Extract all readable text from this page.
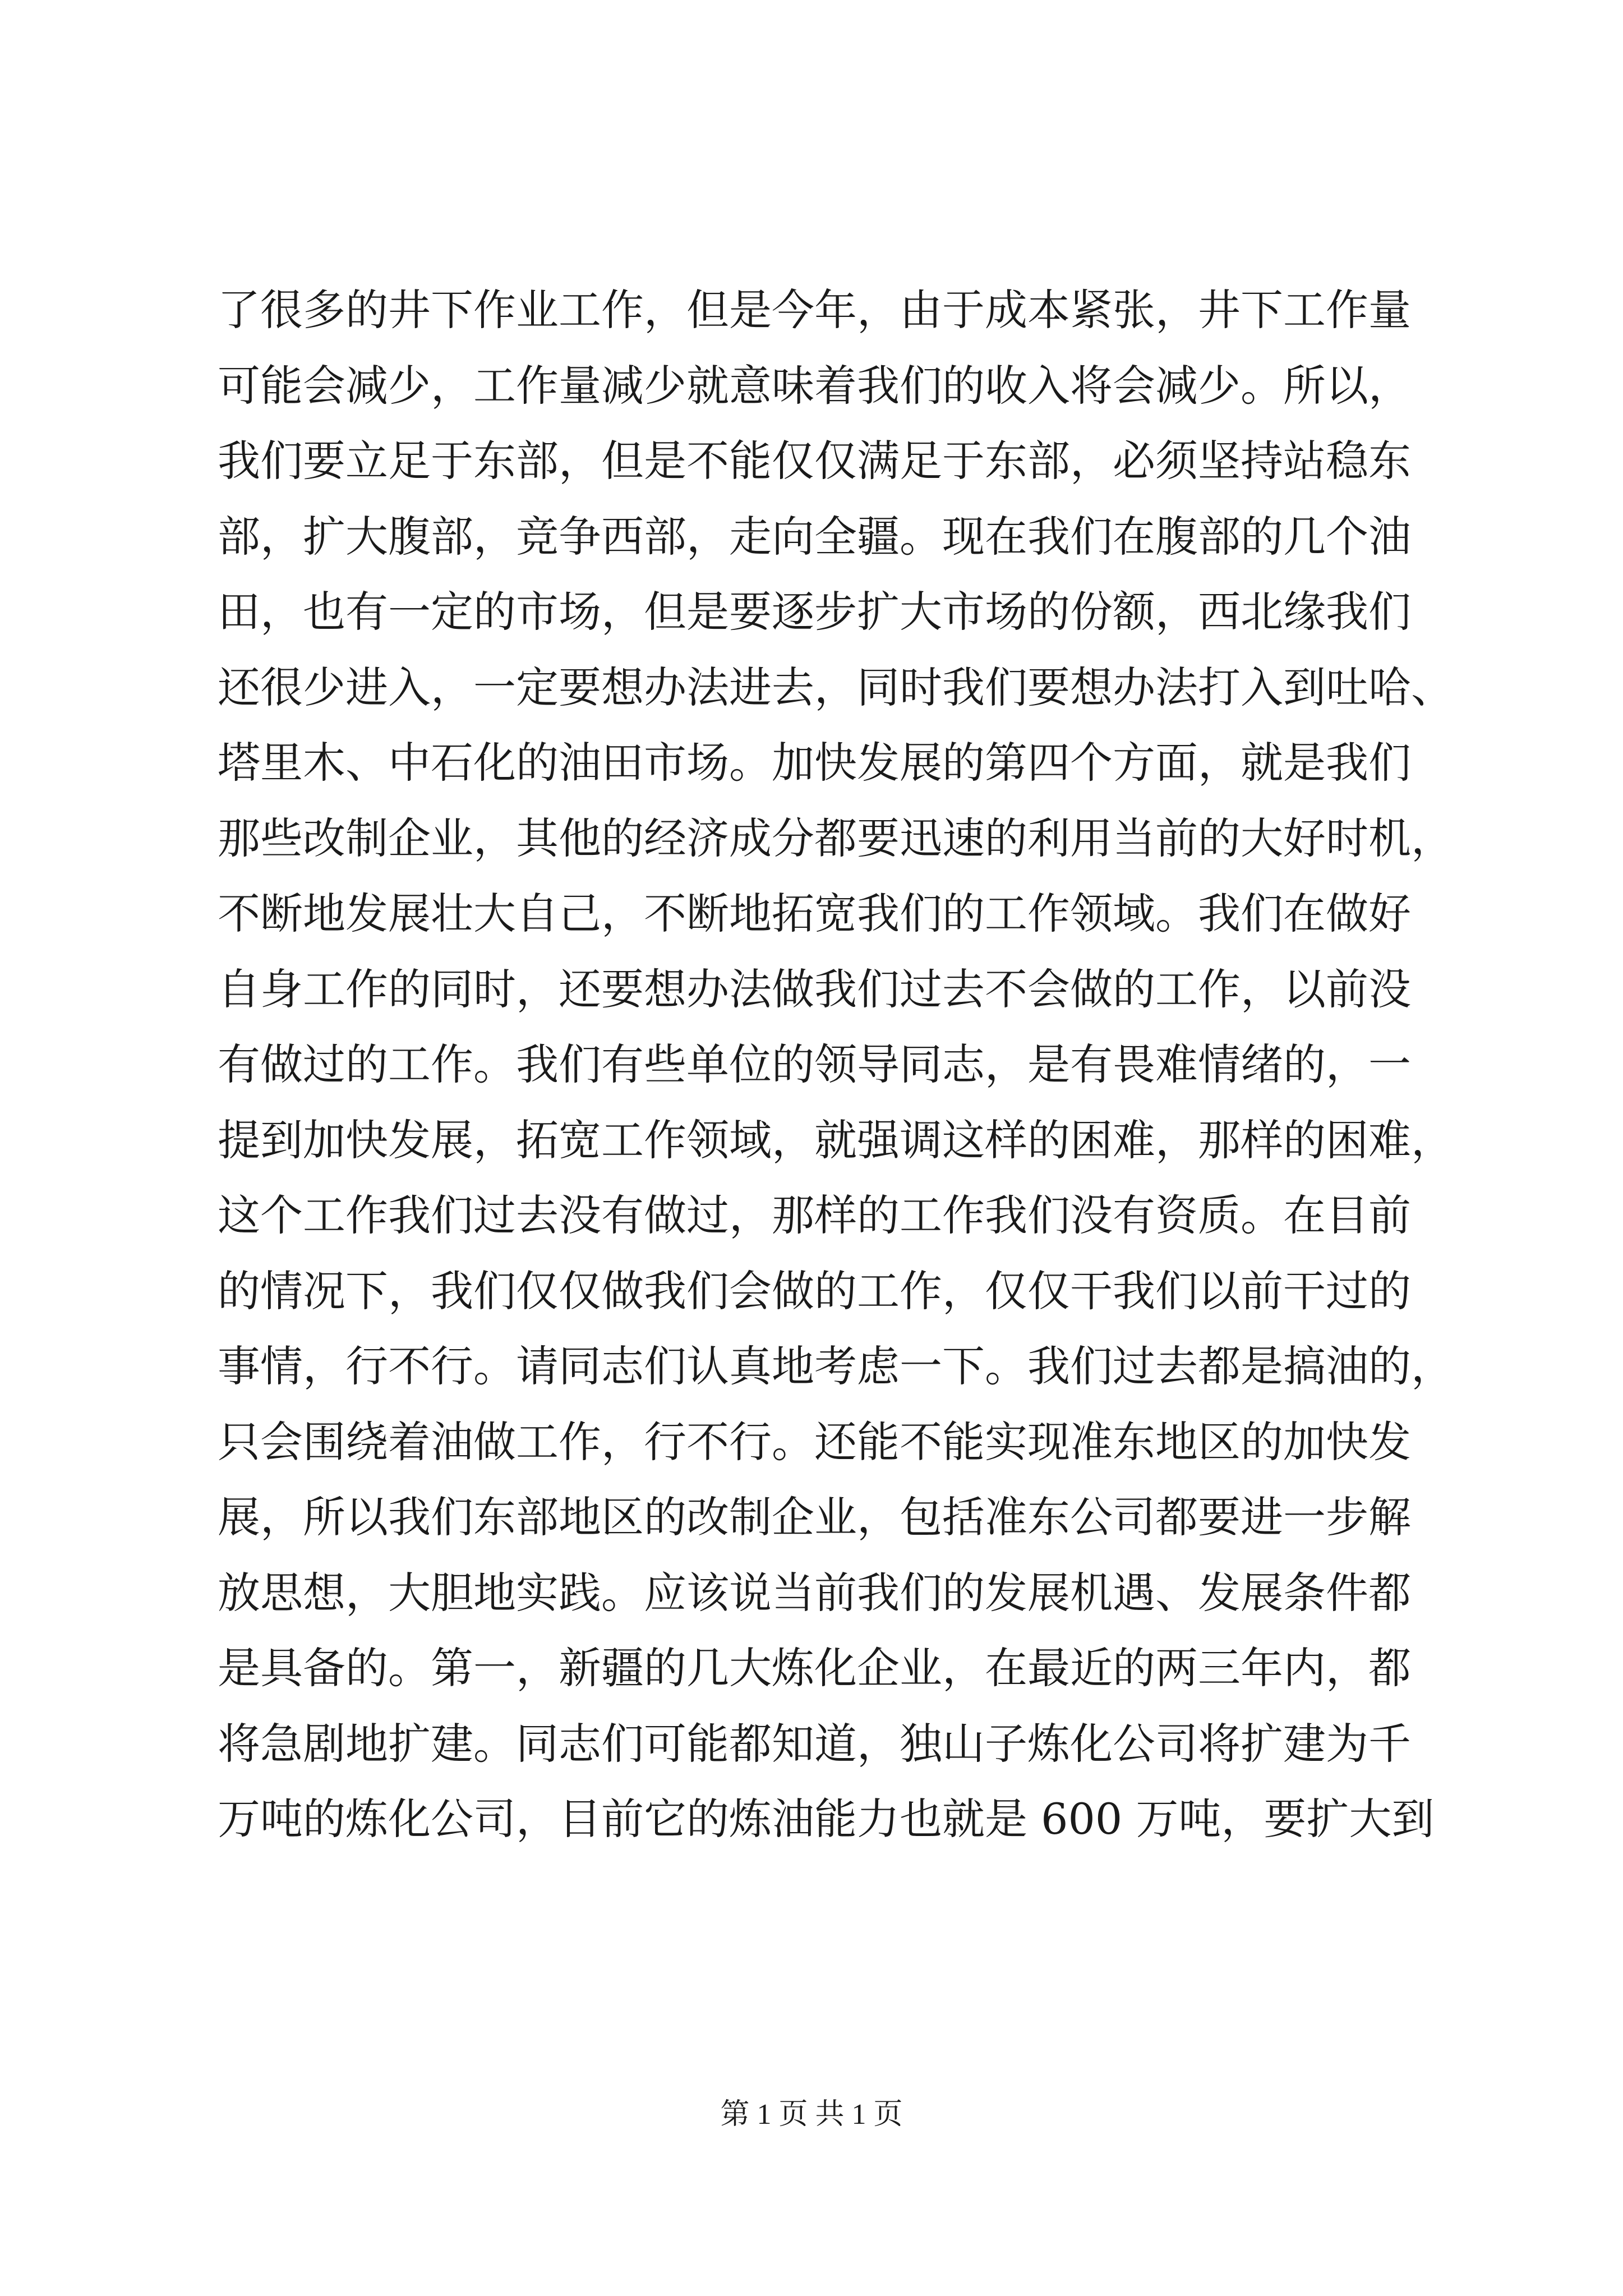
了很多的井下作业工作，但是今年，由于成本紧张，井下工作量
可能会减少，工作量减少就意味着我们的收入将会减少。所以，
我们要立足于东部，但是不能仅仅满足于东部，必须坚持站稳东
部，扩大腹部，竞争西部，走向全疆。现在我们在腹部的几个油
田，也有一定的市场，但是要逐步扩大市场的份额，西北缘我们
还很少进入，一定要想办法进去，同时我们要想办法打入到吐哈、
塔里木、中石化的油田市场。加快发展的第四个方面，就是我们
那些改制企业，其他的经济成分都要迅速的利用当前的大好时机，
不断地发展壮大自己，不断地拓宽我们的工作领域。我们在做好
自身工作的同时，还要想办法做我们过去不会做的工作，以前没
有做过的工作。我们有些单位的领导同志，是有畏难情绪的，一
提到加快发展，拓宽工作领域，就强调这样的困难，那样的困难，
这个工作我们过去没有做过，那样的工作我们没有资质。在目前
的情况下，我们仅仅做我们会做的工作，仅仅干我们以前干过的
事情，行不行。请同志们认真地考虑一下。我们过去都是搞油的，
只会围绕着油做工作，行不行。还能不能实现准东地区的加快发
展，所以我们东部地区的改制企业，包括准东公司都要进一步解
放思想，大胆地实践。应该说当前我们的发展机遇、发展条件都
是具备的。第一，新疆的几大炼化企业，在最近的两三年内，都
将急剧地扩建。同志们可能都知道，独山子炼化公司将扩建为千
万吨的炼化公司，目前它的炼油能力也就是 600 万吨，要扩大到
第 1 页 共 1 页
